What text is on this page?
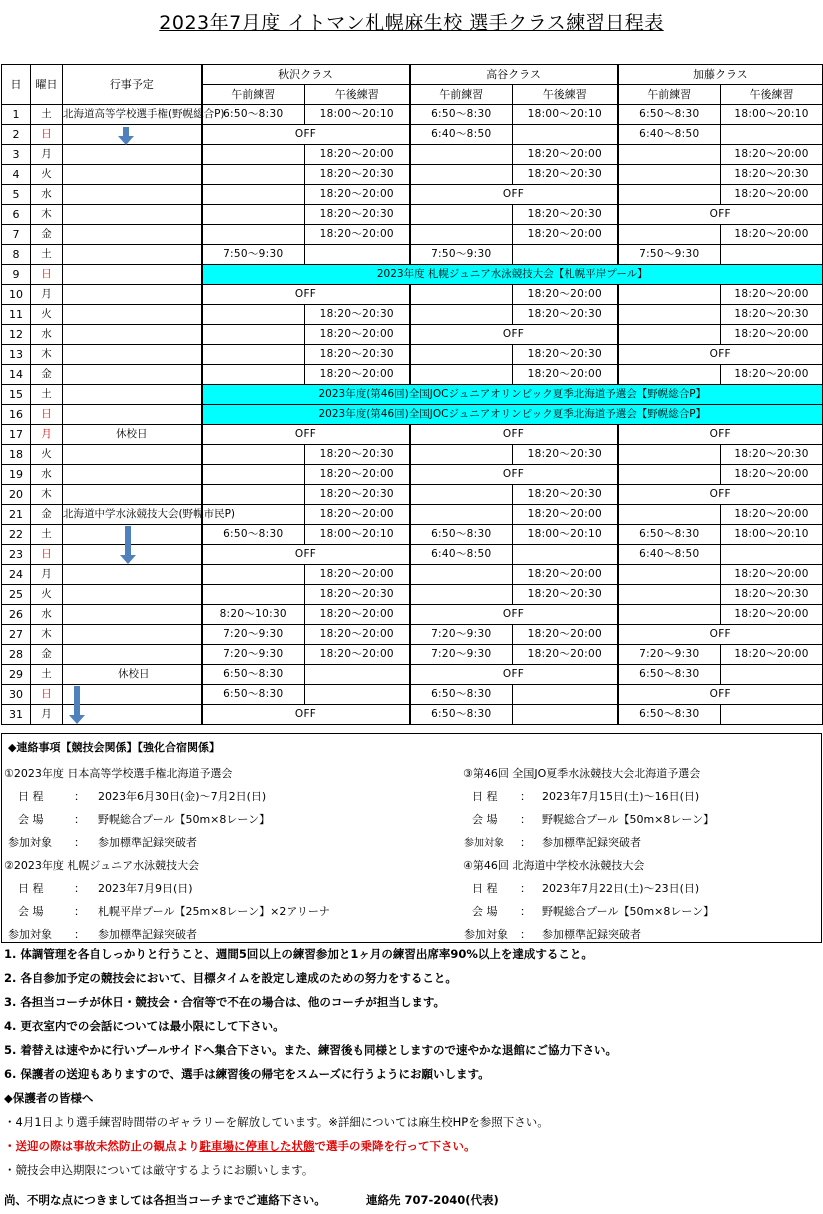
2023年7月度 イトマン札幌麻生校 選手クラス練習日程表
日	曜日	行事予定	秋沢クラス		高谷クラス		加藤クラス	
			午前練習	午後練習	午前練習	午後練習	午前練習	午後練習
1	土	北海道高等学校選手権(野幌総合P)	6:50～8:30	18:00～20:10	6:50～8:30	18:00～20:10	6:50～8:30	18:00～20:10
2	日		OFF		6:40～8:50		6:40～8:50	
3	月			18:20～20:00		18:20～20:00		18:20～20:00
4	火			18:20～20:30		18:20～20:30		18:20～20:30
5	水			18:20～20:00	OFF			18:20～20:00
6	木			18:20～20:30		18:20～20:30	OFF	
7	金			18:20～20:00		18:20～20:00		18:20～20:00
8	土		7:50～9:30		7:50～9:30		7:50～9:30	
9	日		2023年度 札幌ジュニア水泳競技大会【札幌平岸プール】					
10	月		OFF			18:20～20:00		18:20～20:00
11	火			18:20～20:30		18:20～20:30		18:20～20:30
12	水			18:20～20:00	OFF			18:20～20:00
13	木			18:20～20:30		18:20～20:30	OFF	
14	金			18:20～20:00		18:20～20:00		18:20～20:00
15	土		2023年度(第46回)全国JOCジュニアオリンピック夏季北海道予選会【野幌総合P】					
16	日		2023年度(第46回)全国JOCジュニアオリンピック夏季北海道予選会【野幌総合P】					
17	月	休校日	OFF		OFF		OFF	
18	火			18:20～20:30		18:20～20:30		18:20～20:30
19	水			18:20～20:00	OFF			18:20～20:00
20	木			18:20～20:30		18:20～20:30	OFF	
21	金	北海道中学水泳競技大会(野幌市民P)		18:20～20:00		18:20～20:00		18:20～20:00
22	土		6:50～8:30	18:00～20:10	6:50～8:30	18:00～20:10	6:50～8:30	18:00～20:10
23	日		OFF		6:40～8:50		6:40～8:50	
24	月			18:20～20:00		18:20～20:00		18:20～20:00
25	火			18:20～20:30		18:20～20:30		18:20～20:30
26	水		8:20～10:30	18:20～20:00	OFF			18:20～20:00
27	木		7:20～9:30	18:20～20:00	7:20～9:30	18:20～20:00	OFF	
28	金		7:20～9:30	18:20～20:00	7:20～9:30	18:20～20:00	7:20～9:30	18:20～20:00
29	土	休校日	6:50～8:30		OFF		6:50～8:30	
30	日		6:50～8:30		6:50～8:30		OFF	
31	月		OFF		6:50～8:30		6:50～8:30	
◆連絡事項【競技会関係】【強化合宿関係】
①2023年度 日本高等学校選手権北海道予選会
日 程	： 2023年6月30日(金)～7月2日(日)
会 場	： 野幌総合プール【50m×8レーン】
参加対象 ： 参加標準記録突破者
②2023年度 札幌ジュニア水泳競技大会
日 程	： 2023年7月9日(日)
会 場	： 札幌平岸プール【25m×8レーン】×2アリーナ
参加対象 ： 参加標準記録突破者
③第46回 全国JO夏季水泳競技大会北海道予選会
日 程 ： 2023年7月15日(土)～16日(日)
会 場 ： 野幌総合プール【50m×8レーン】
参加対象 ： 参加標準記録突破者
④第46回 北海道中学校水泳競技大会
日 程 ： 2023年7月22日(土)～23日(日)
会 場 ： 野幌総合プール【50m×8レーン】
参加対象 ： 参加標準記録突破者
1. 体調管理を各自しっかりと行うこと、週間5回以上の練習参加と1ヶ月の練習出席率90%以上を達成すること。
2. 各自参加予定の競技会において、目標タイムを設定し達成のための努力をすること。
3. 各担当コーチが休日・競技会・合宿等で不在の場合は、他のコーチが担当します。
4. 更衣室内での会話については最小限にして下さい。
5. 着替えは速やかに行いプールサイドへ集合下さい。また、練習後も同様としますので速やかな退館にご協力下さい。
6. 保護者の送迎もありますので、選手は練習後の帰宅をスムーズに行うようにお願いします。
◆保護者の皆様へ
・4月1日より選手練習時間帯のギャラリーを解放しています。※詳細については麻生校HPを参照下さい。
・送迎の際は事故未然防止の観点より駐車場に停車した状態で選手の乗降を行って下さい。
・競技会申込期限については厳守するようにお願いします。
尚、不明な点につきましては各担当コーチまでご連絡下さい。	連絡先 707-2040(代表)
